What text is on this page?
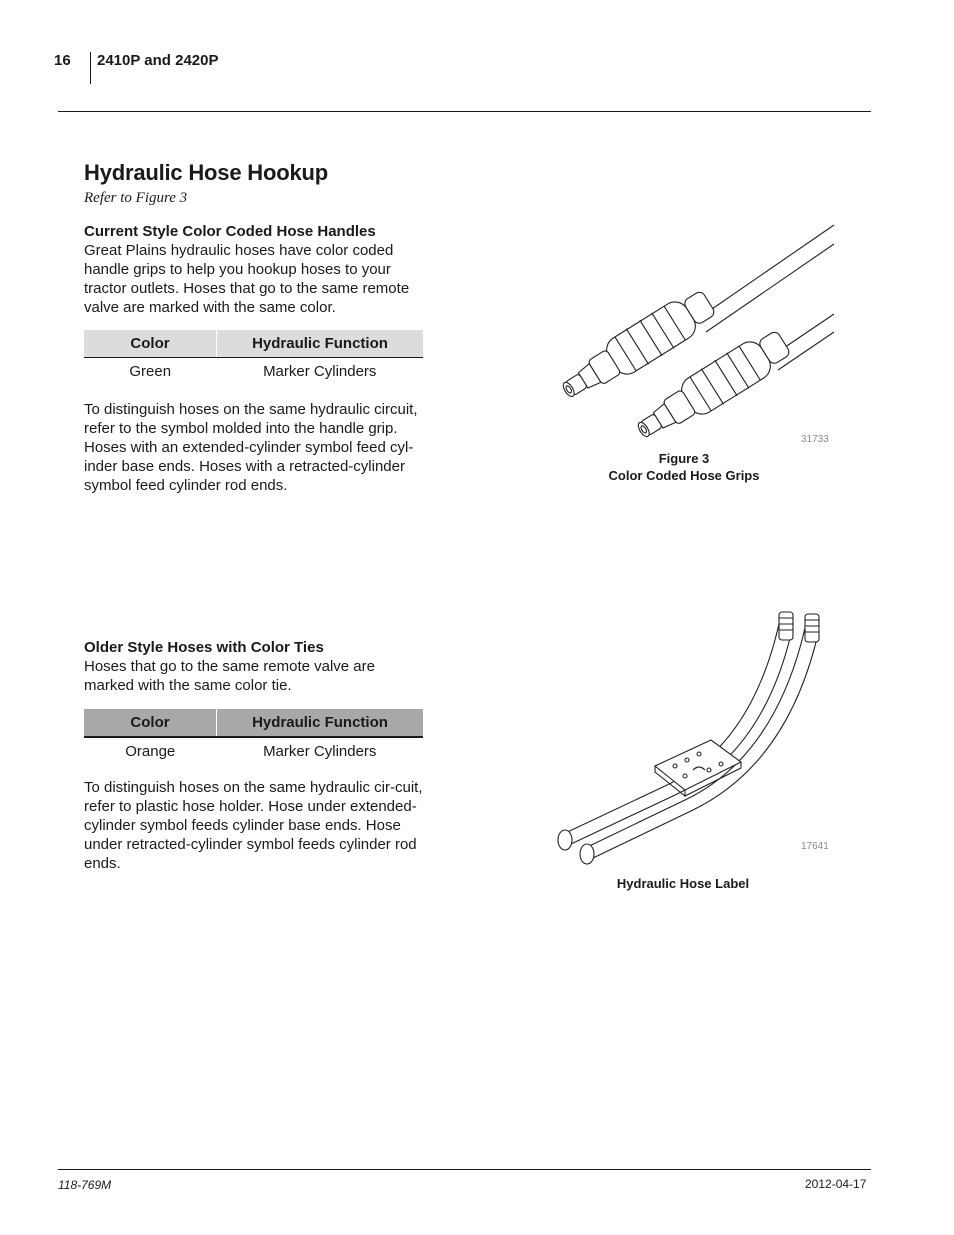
16 2410P and 2420P
Hydraulic Hose Hookup
Refer to Figure 3
Current Style Color Coded Hose Handles
Great Plains hydraulic hoses have color coded handle grips to help you hookup hoses to your tractor outlets. Hoses that go to the same remote valve are marked with the same color.
Color	Hydraulic Function
Green	Marker Cylinders
To distinguish hoses on the same hydraulic circuit, refer to the symbol molded into the handle grip. Hoses with an extended-cylinder symbol feed cyl-inder base ends. Hoses with a retracted-cylinder symbol feed cylinder rod ends.
Older Style Hoses with Color Ties
Hoses that go to the same remote valve are marked with the same color tie.
Color	Hydraulic Function
Orange	Marker Cylinders
To distinguish hoses on the same hydraulic cir-cuit, refer to plastic hose holder. Hose under extended-cylinder symbol feeds cylinder base ends. Hose under retracted-cylinder symbol feeds cylinder rod ends.
31733
Figure 3
Color Coded Hose Grips
17641
Hydraulic Hose Label
118-769M	2012-04-17
